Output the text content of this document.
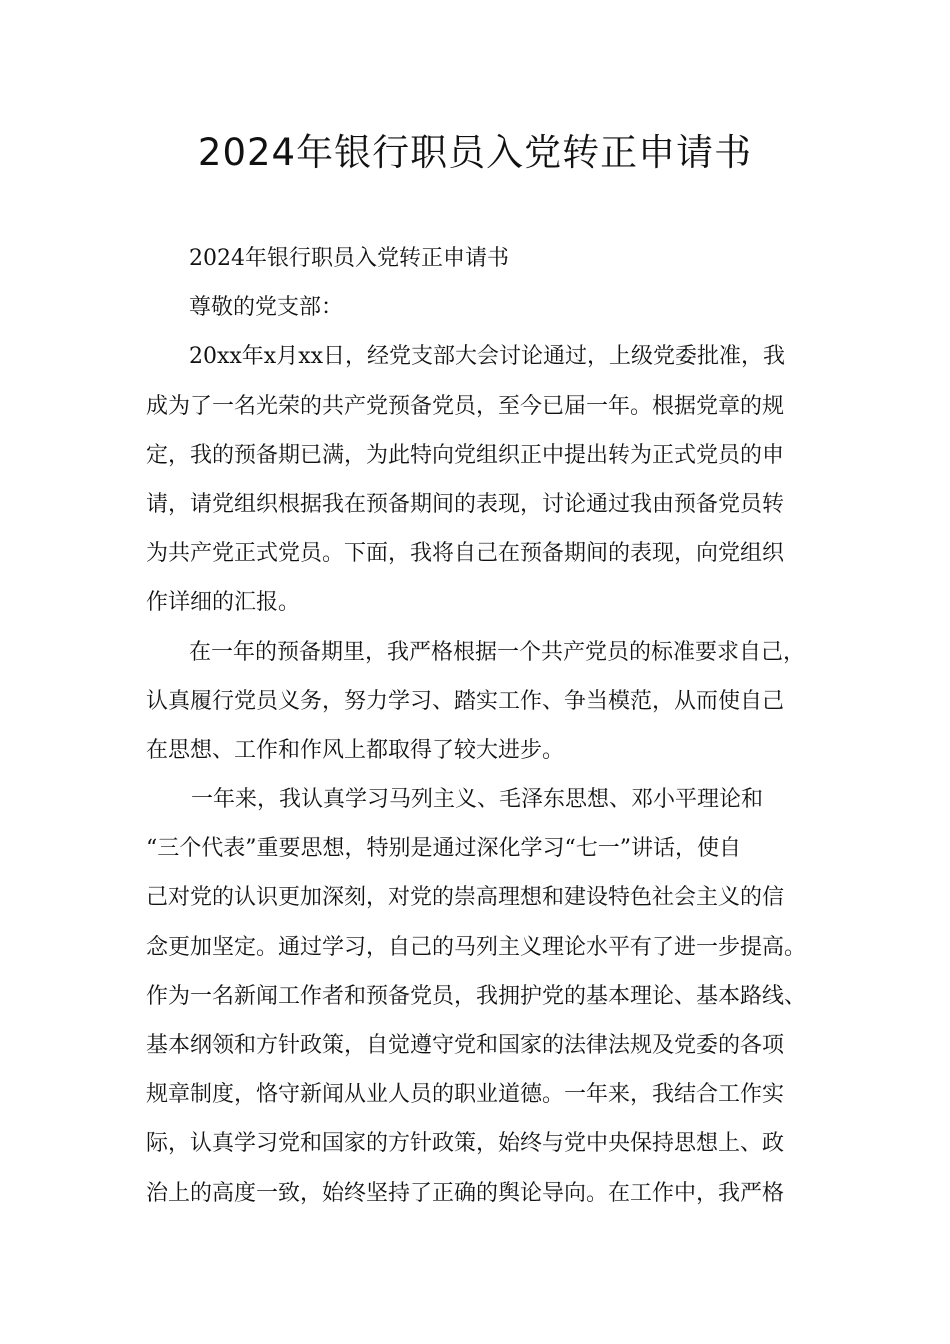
2024年银行职员入党转正申请书
2024年银行职员入党转正申请书
尊敬的党支部：
20xx年x月xx日，经党支部大会讨论通过，上级党委批准，我
成为了一名光荣的共产党预备党员，至今已届一年。根据党章的规
定，我的预备期已满，为此特向党组织正中提出转为正式党员的申
请，请党组织根据我在预备期间的表现，讨论通过我由预备党员转
为共产党正式党员。下面，我将自己在预备期间的表现，向党组织
作详细的汇报。
在一年的预备期里，我严格根据一个共产党员的标准要求自己，
认真履行党员义务，努力学习、踏实工作、争当模范，从而使自己
在思想、工作和作风上都取得了较大进步。
一年来，我认真学习马列主义、毛泽东思想、邓小平理论和
“三个代表”重要思想，特别是通过深化学习“七一”讲话，使自
己对党的认识更加深刻，对党的崇高理想和建设特色社会主义的信
念更加坚定。通过学习，自己的马列主义理论水平有了进一步提高。
作为一名新闻工作者和预备党员，我拥护党的基本理论、基本路线、
基本纲领和方针政策，自觉遵守党和国家的法律法规及党委的各项
规章制度，恪守新闻从业人员的职业道德。一年来，我结合工作实
际，认真学习党和国家的方针政策，始终与党中央保持思想上、政
治上的高度一致，始终坚持了正确的舆论导向。在工作中，我严格
